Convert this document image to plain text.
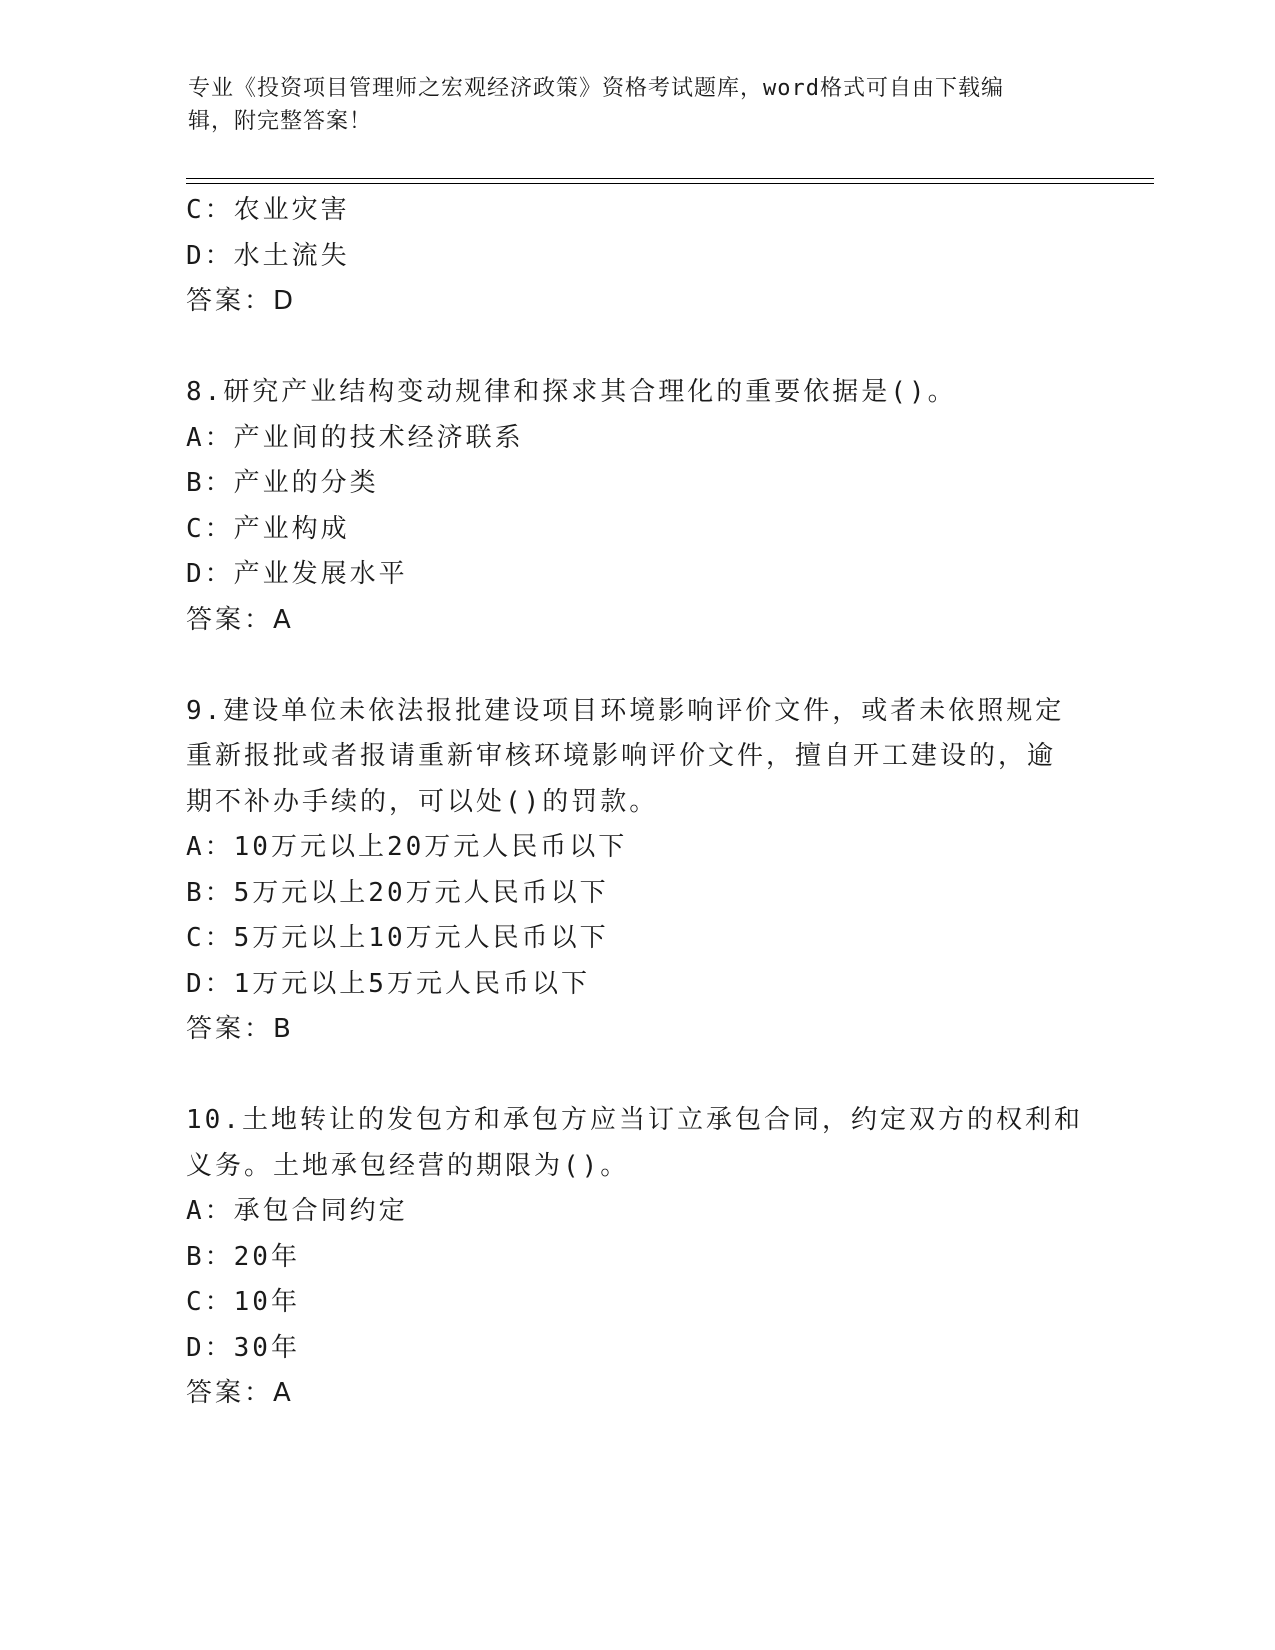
专业《投资项目管理师之宏观经济政策》资格考试题库，word格式可自由下载编
辑，附完整答案！
C：农业灾害
D：水土流失
答案：D
8.研究产业结构变动规律和探求其合理化的重要依据是()。
A：产业间的技术经济联系
B：产业的分类
C：产业构成
D：产业发展水平
答案：A
9.建设单位未依法报批建设项目环境影响评价文件，或者未依照规定
重新报批或者报请重新审核环境影响评价文件，擅自开工建设的，逾
期不补办手续的，可以处()的罚款。
A：10万元以上20万元人民币以下
B：5万元以上20万元人民币以下
C：5万元以上10万元人民币以下
D：1万元以上5万元人民币以下
答案：B
10.土地转让的发包方和承包方应当订立承包合同，约定双方的权利和
义务。土地承包经营的期限为()。
A：承包合同约定
B：20年
C：10年
D：30年
答案：A
